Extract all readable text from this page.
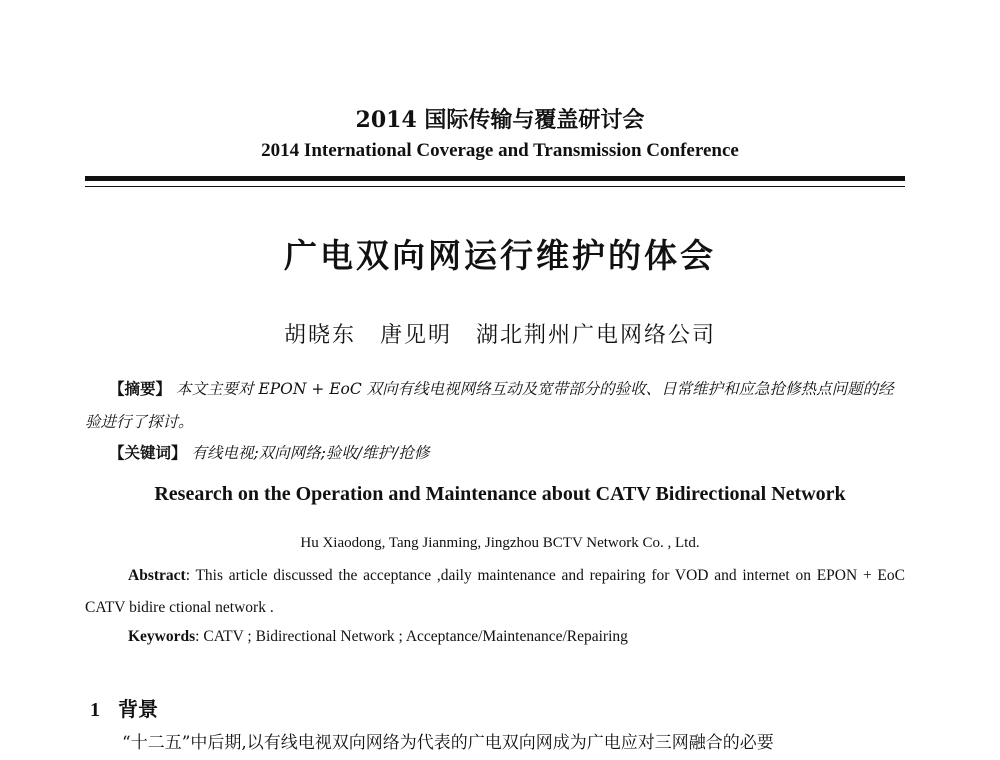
2014 国际传输与覆盖研讨会
2014 International Coverage and Transmission Conference
广电双向网运行维护的体会
胡晓东　唐见明　湖北荆州广电网络公司
【摘要】 本文主要对 EPON + EoC 双向有线电视网络互动及宽带部分的验收、日常维护和应急抢修热点问题的经验进行了探讨。
【关键词】 有线电视;双向网络;验收/维护/抢修
Research on the Operation and Maintenance about CATV Bidirectional Network
Hu Xiaodong, Tang Jianming, Jingzhou BCTV Network Co. , Ltd.
Abstract: This article discussed the acceptance ,daily maintenance and repairing for VOD and internet on EPON + EoC CATV bidire ctional network .
Keywords: CATV ; Bidirectional Network ; Acceptance/Maintenance/Repairing
1 背景
“十二五”中后期,以有线电视双向网络为代表的广电双向网成为广电应对三网融合的必要
